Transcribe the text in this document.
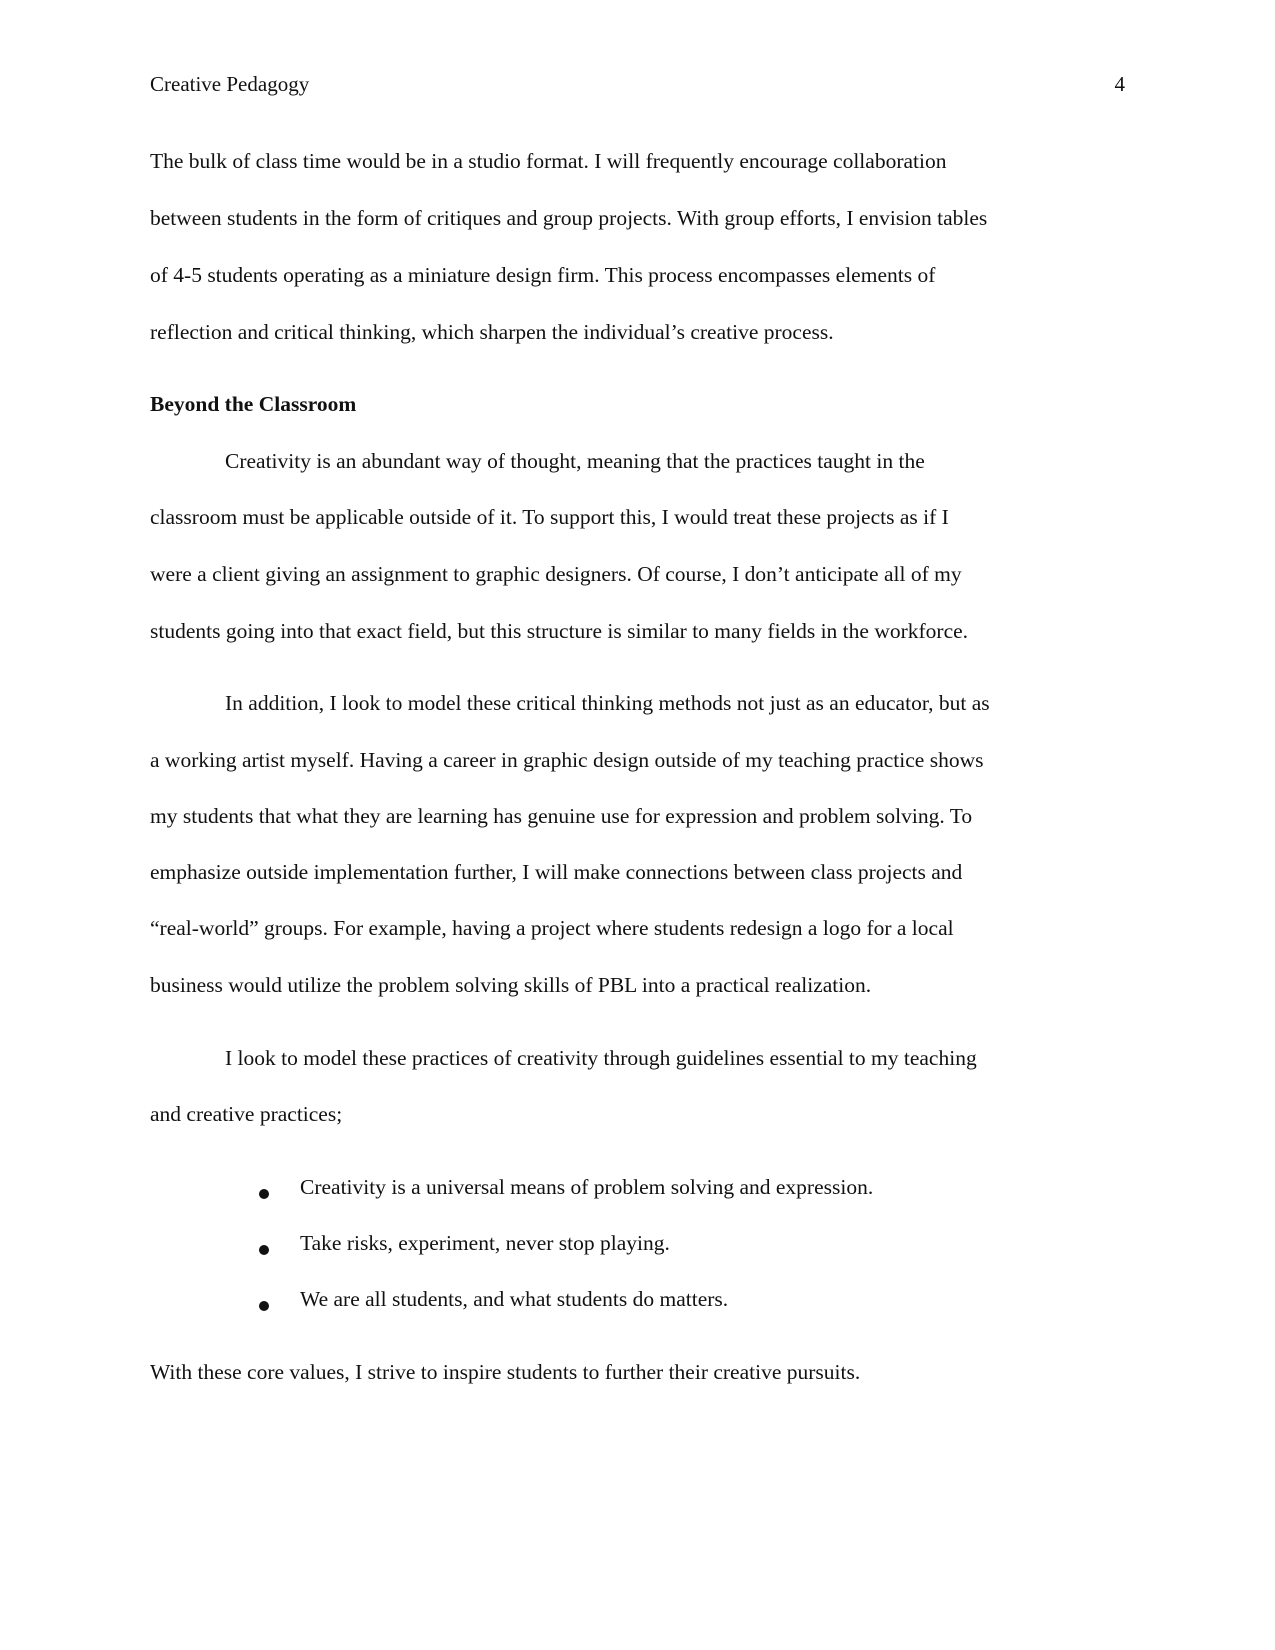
Creative Pedagogy	4
The bulk of class time would be in a studio format. I will frequently encourage collaboration
between students in the form of critiques and group projects. With group efforts, I envision tables
of 4-5 students operating as a miniature design firm. This process encompasses elements of
reflection and critical thinking, which sharpen the individual’s creative process.
Beyond the Classroom
Creativity is an abundant way of thought, meaning that the practices taught in the
classroom must be applicable outside of it. To support this, I would treat these projects as if I
were a client giving an assignment to graphic designers. Of course, I don’t anticipate all of my
students going into that exact field, but this structure is similar to many fields in the workforce.
In addition, I look to model these critical thinking methods not just as an educator, but as
a working artist myself. Having a career in graphic design outside of my teaching practice shows
my students that what they are learning has genuine use for expression and problem solving. To
emphasize outside implementation further, I will make connections between class projects and
“real-world” groups. For example, having a project where students redesign a logo for a local
business would utilize the problem solving skills of PBL into a practical realization.
I look to model these practices of creativity through guidelines essential to my teaching
and creative practices;
Creativity is a universal means of problem solving and expression.
Take risks, experiment, never stop playing.
We are all students, and what students do matters.
With these core values, I strive to inspire students to further their creative pursuits.
